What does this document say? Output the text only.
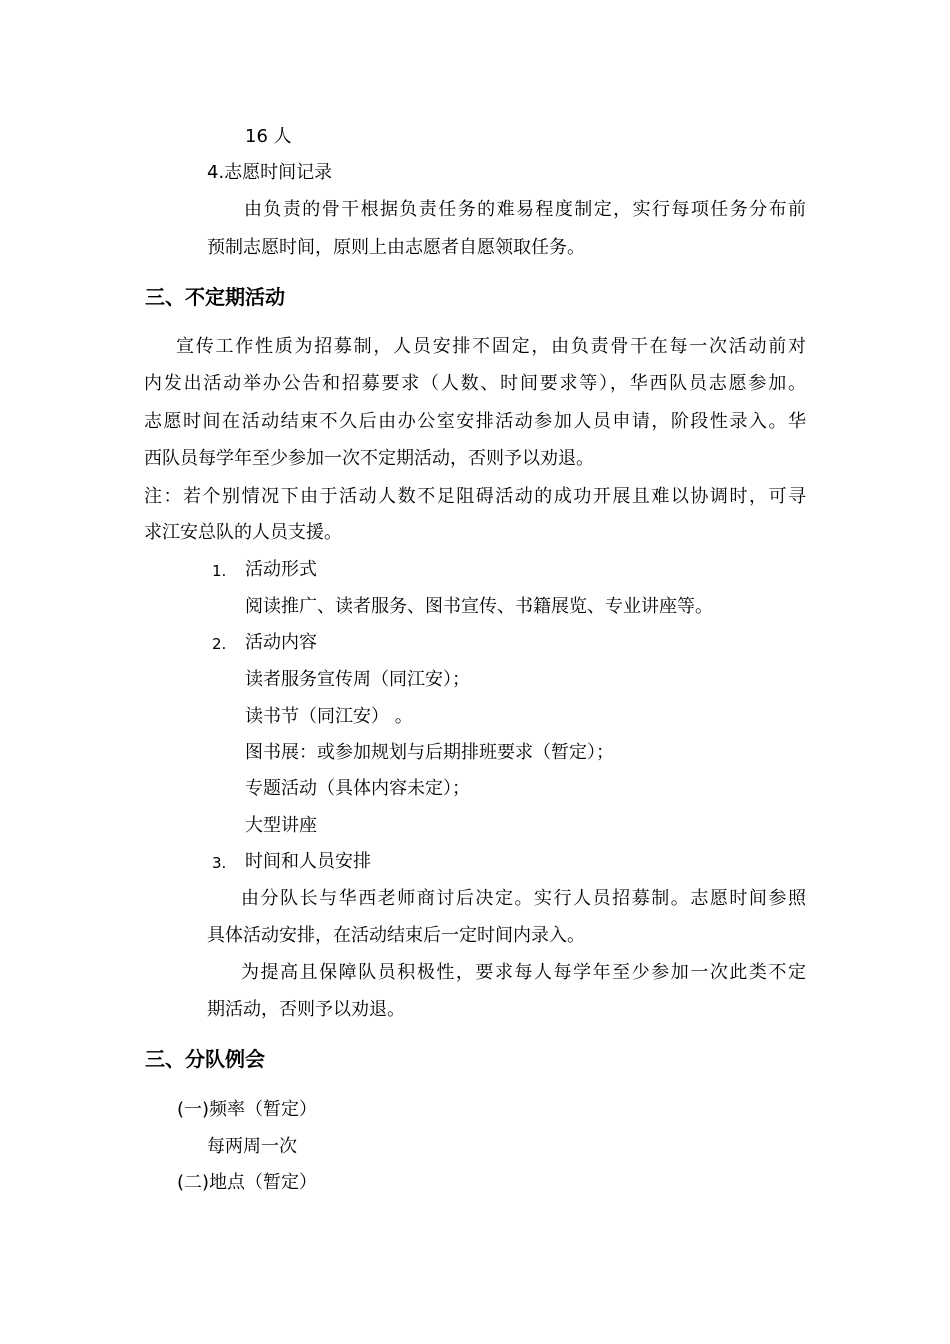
16 人
4.志愿时间记录
由负责的骨干根据负责任务的难易程度制定，实行每项任务分布前
预制志愿时间，原则上由志愿者自愿领取任务。
三、不定期活动
宣传工作性质为招募制，人员安排不固定，由负责骨干在每一次活动前对
内发出活动举办公告和招募要求（人数、时间要求等），华西队员志愿参加。
志愿时间在活动结束不久后由办公室安排活动参加人员申请，阶段性录入。华
西队员每学年至少参加一次不定期活动，否则予以劝退。
注：若个别情况下由于活动人数不足阻碍活动的成功开展且难以协调时，可寻
求江安总队的人员支援。
1. 活动形式
阅读推广、读者服务、图书宣传、书籍展览、专业讲座等。
2. 活动内容
读者服务宣传周（同江安）；
读书节（同江安） 。
图书展：或参加规划与后期排班要求（暂定）；
专题活动（具体内容未定）；
大型讲座
3. 时间和人员安排
由分队长与华西老师商讨后决定。实行人员招募制。志愿时间参照
具体活动安排，在活动结束后一定时间内录入。
为提高且保障队员积极性，要求每人每学年至少参加一次此类不定
期活动，否则予以劝退。
三、分队例会
(一)频率（暂定）
每两周一次
(二)地点（暂定）
